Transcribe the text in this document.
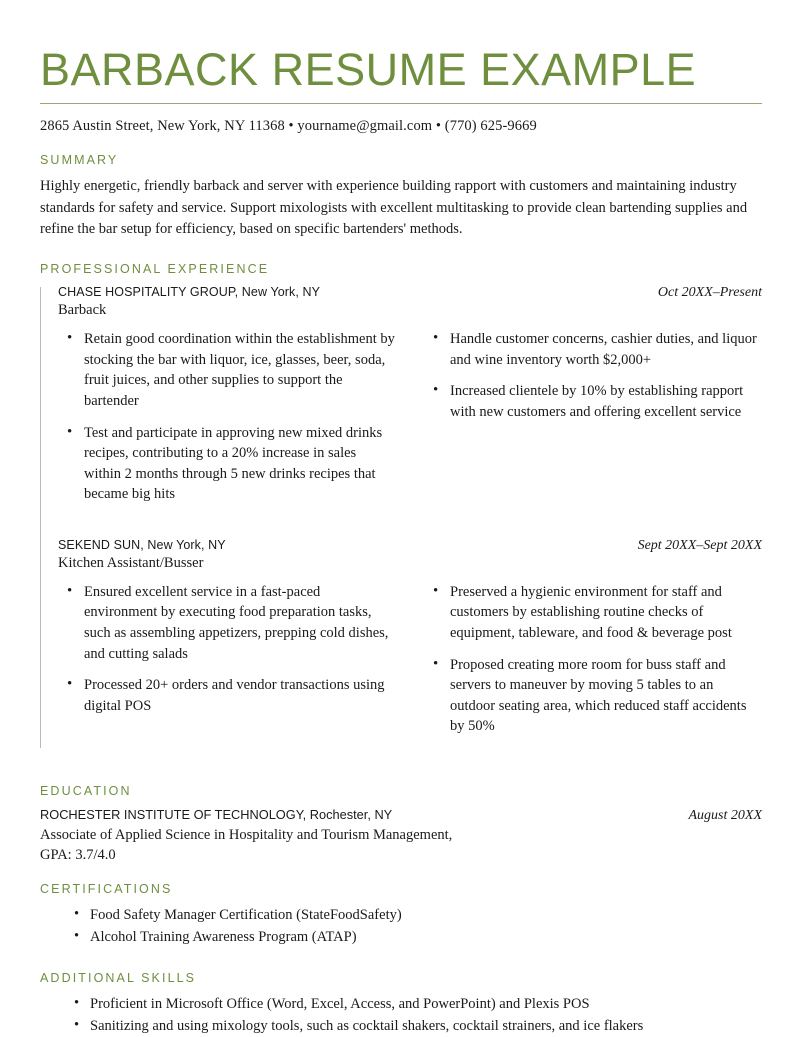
BARBACK RESUME EXAMPLE
2865 Austin Street, New York, NY 11368 • yourname@gmail.com • (770) 625-9669
SUMMARY

Highly energetic, friendly barback and server with experience building rapport with customers and maintaining industry standards for safety and service. Support mixologists with excellent multitasking to provide clean bartending supplies and refine the bar setup for efficiency, based on specific bartenders' methods.

PROFESSIONAL EXPERIENCE
CHASE HOSPITALITY GROUP, New York, NY	Oct 20XX–Present
Barback
• Retain good coordination within the establishment by stocking the bar with liquor, ice, glasses, beer, soda, fruit juices, and other supplies to support the bartender
• Test and participate in approving new mixed drinks recipes, contributing to a 20% increase in sales within 2 months through 5 new drinks recipes that became big hits
• Handle customer concerns, cashier duties, and liquor and wine inventory worth $2,000+
• Increased clientele by 10% by establishing rapport with new customers and offering excellent service
SEKEND SUN, New York, NY	Sept 20XX–Sept 20XX
Kitchen Assistant/Busser
• Ensured excellent service in a fast-paced environment by executing food preparation tasks, such as assembling appetizers, prepping cold dishes, and cutting salads
• Processed 20+ orders and vendor transactions using digital POS
• Preserved a hygienic environment for staff and customers by establishing routine checks of equipment, tableware, and food & beverage post
• Proposed creating more room for buss staff and servers to maneuver by moving 5 tables to an outdoor seating area, which reduced staff accidents by 50%
EDUCATION
ROCHESTER INSTITUTE OF TECHNOLOGY, Rochester, NY	August 20XX
Associate of Applied Science in Hospitality and Tourism Management,
GPA: 3.7/4.0
CERTIFICATIONS
• Food Safety Manager Certification (StateFoodSafety)
• Alcohol Training Awareness Program (ATAP)
ADDITIONAL SKILLS
• Proficient in Microsoft Office (Word, Excel, Access, and PowerPoint) and Plexis POS
• Sanitizing and using mixology tools, such as cocktail shakers, cocktail strainers, and ice flakers
